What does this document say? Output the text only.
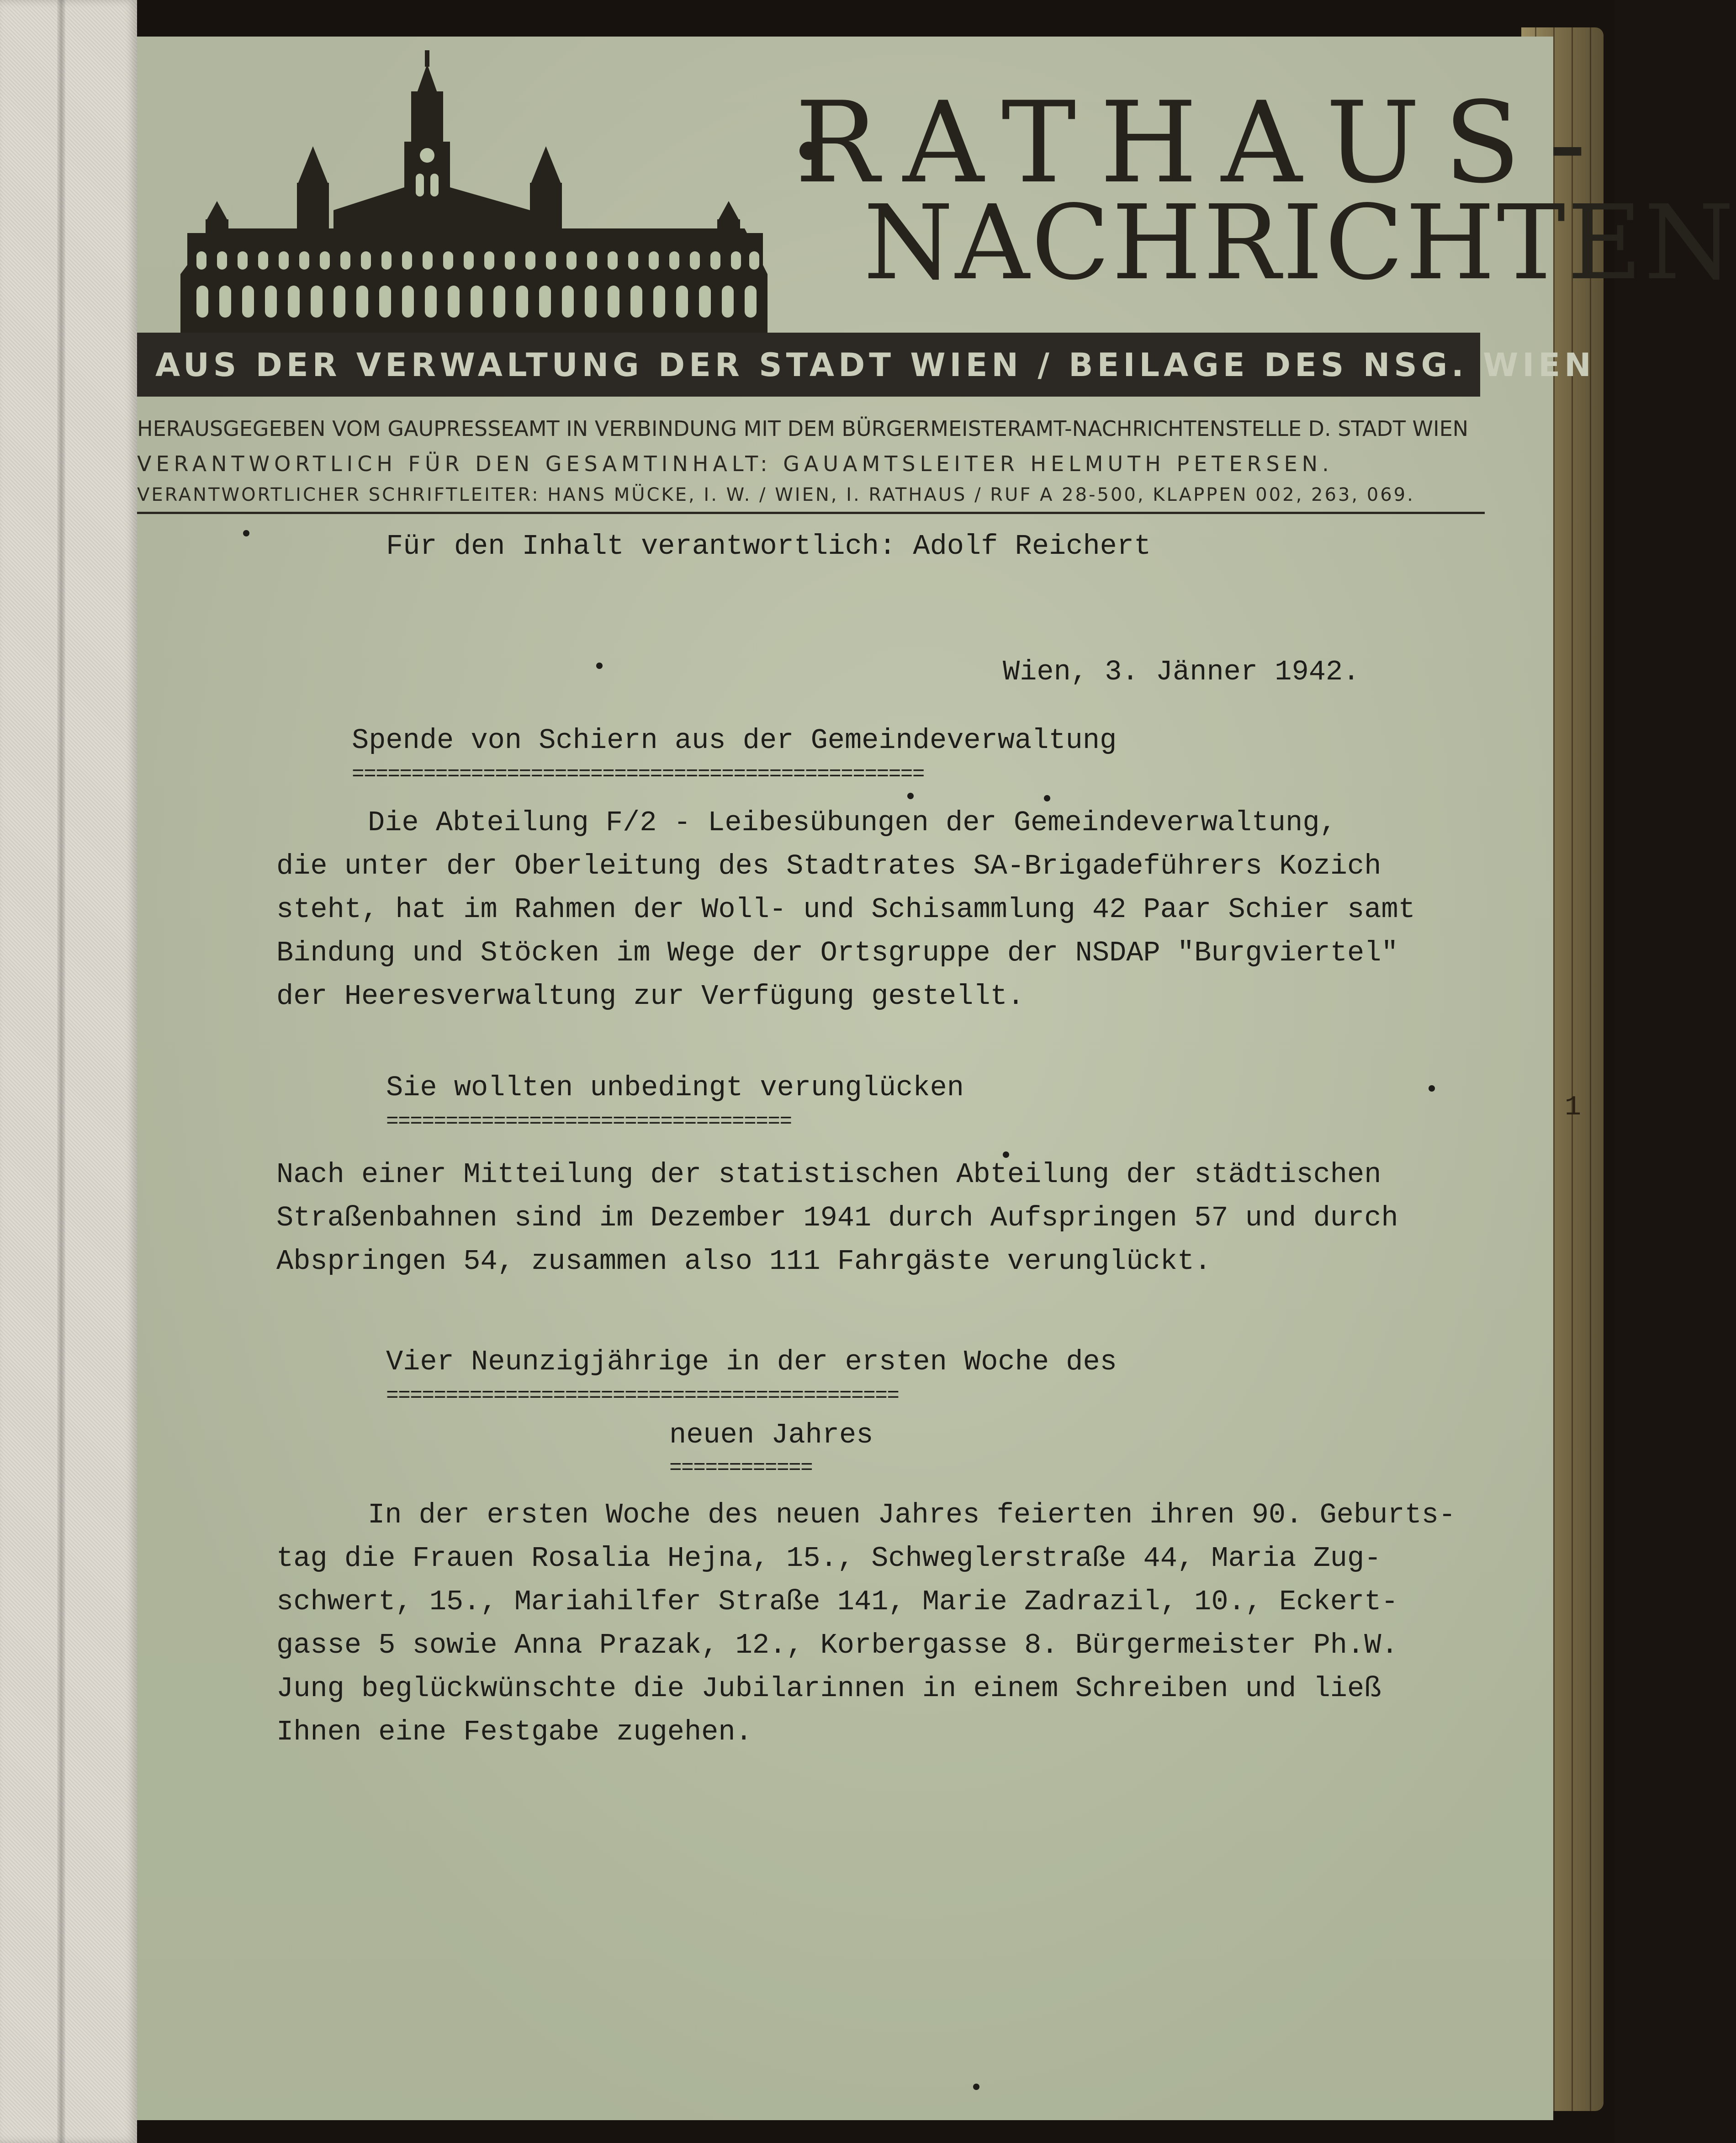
1
RATHAUS-
NACHRICHTEN
AUS DER VERWALTUNG DER STADT WIEN / BEILAGE DES NSG. WIEN
HERAUSGEGEBEN VOM GAUPRESSEAMT IN VERBINDUNG MIT DEM BÜRGERMEISTERAMT-NACHRICHTENSTELLE D. STADT WIEN
VERANTWORTLICH FÜR DEN GESAMTINHALT: GAUAMTSLEITER HELMUTH PETERSEN.
VERANTWORTLICHER SCHRIFTLEITER: HANS MÜCKE, I. W. / WIEN, I. RATHAUS / RUF A 28-500, KLAPPEN 002, 263, 069.
Für den Inhalt verantwortlich: Adolf Reichert
Wien, 3. Jänner 1942.
Spende von Schiern aus der Gemeindeverwaltung
================================================
Die Abteilung F/2 - Leibesübungen der Gemeindeverwaltung,
die unter der Oberleitung des Stadtrates SA-Brigadeführers Kozich
steht, hat im Rahmen der Woll- und Schisammlung 42 Paar Schier samt
Bindung und Stöcken im Wege der Ortsgruppe der NSDAP "Burgviertel"
der Heeresverwaltung zur Verfügung gestellt.
Sie wollten unbedingt verunglücken
==================================
Nach einer Mitteilung der statistischen Abteilung der städtischen
Straßenbahnen sind im Dezember 1941 durch Aufspringen 57 und durch
Abspringen 54, zusammen also 111 Fahrgäste verunglückt.
Vier Neunzigjährige in der ersten Woche des
===========================================
neuen Jahres
============
In der ersten Woche des neuen Jahres feierten ihren 90. Geburts-
tag die Frauen Rosalia Hejna, 15., Schweglerstraße 44, Maria Zug-
schwert, 15., Mariahilfer Straße 141, Marie Zadrazil, 10., Eckert-
gasse 5 sowie Anna Prazak, 12., Korbergasse 8. Bürgermeister Ph.W.
Jung beglückwünschte die Jubilarinnen in einem Schreiben und ließ
Ihnen eine Festgabe zugehen.
